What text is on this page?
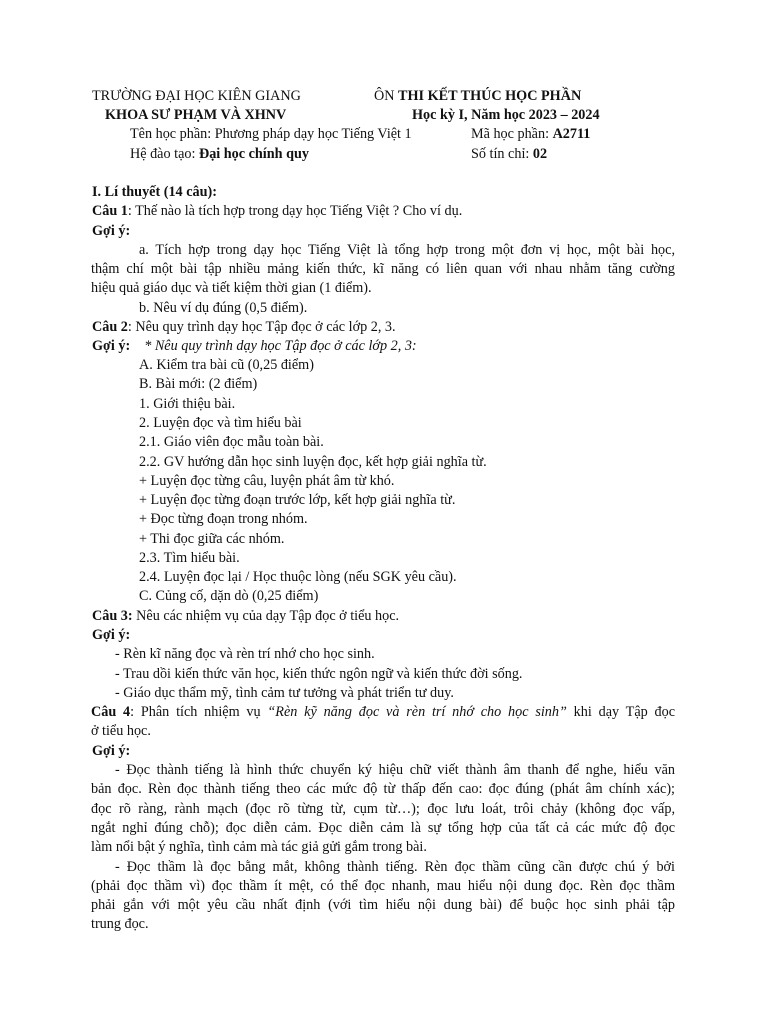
TRƯỜNG ĐẠI HỌC KIÊN GIANG	ÔN THI KẾT THÚC HỌC PHẦN
KHOA SƯ PHẠM VÀ XHNV	Học kỳ I, Năm học 2023 – 2024
Tên học phần: Phương pháp dạy học Tiếng Việt 1	Mã học phần: A2711
Hệ đào tạo: Đại học chính quy	Số tín chỉ: 02
I. Lí thuyết (14 câu):
Câu 1: Thế nào là tích hợp trong dạy học Tiếng Việt ? Cho ví dụ.
Gợi ý:
a. Tích hợp trong dạy học Tiếng Việt là tổng hợp trong một đơn vị học, một bài học,
thậm chí một bài tập nhiều mảng kiến thức, kĩ năng có liên quan với nhau nhằm tăng cường
hiệu quả giáo dục và tiết kiệm thời gian (1 điểm).
b. Nêu ví dụ đúng (0,5 điểm).
Câu 2: Nêu quy trình dạy học Tập đọc ở các lớp 2, 3.
Gợi ý: * Nêu quy trình dạy học Tập đọc ở các lớp 2, 3:
A. Kiểm tra bài cũ (0,25 điểm)
B. Bài mới: (2 điểm)
1. Giới thiệu bài.
2. Luyện đọc và tìm hiểu bài
2.1. Giáo viên đọc mẫu toàn bài.
2.2. GV hướng dẫn học sinh luyện đọc, kết hợp giải nghĩa từ.
+ Luyện đọc từng câu, luyện phát âm từ khó.
+ Luyện đọc từng đoạn trước lớp, kết hợp giải nghĩa từ.
+ Đọc từng đoạn trong nhóm.
+ Thi đọc giữa các nhóm.
2.3. Tìm hiểu bài.
2.4. Luyện đọc lại / Học thuộc lòng (nếu SGK yêu cầu).
C. Củng cố, dặn dò (0,25 điểm)
Câu 3: Nêu các nhiệm vụ của dạy Tập đọc ở tiểu học.
Gợi ý:
- Rèn kĩ năng đọc và rèn trí nhớ cho học sinh.
- Trau dồi kiến thức văn học, kiến thức ngôn ngữ và kiến thức đời sống.
- Giáo dục thẩm mỹ, tình cảm tư tưởng và phát triển tư duy.
Câu 4: Phân tích nhiệm vụ “Rèn kỹ năng đọc và rèn trí nhớ cho học sinh” khi dạy Tập đọc
ở tiểu học.
Gợi ý:
- Đọc thành tiếng là hình thức chuyển ký hiệu chữ viết thành âm thanh để nghe, hiểu văn
bản đọc. Rèn đọc thành tiếng theo các mức độ từ thấp đến cao: đọc đúng (phát âm chính xác);
đọc rõ ràng, rành mạch (đọc rõ từng từ, cụm từ…); đọc lưu loát, trôi chảy (không đọc vấp,
ngắt nghỉ đúng chỗ); đọc diễn cảm. Đọc diễn cảm là sự tổng hợp của tất cả các mức độ đọc
làm nổi bật ý nghĩa, tình cảm mà tác giả gửi gắm trong bài.
- Đọc thầm là đọc bằng mắt, không thành tiếng. Rèn đọc thầm cũng cần được chú ý bởi
(phải đọc thầm vì) đọc thầm ít mệt, có thể đọc nhanh, mau hiểu nội dung đọc. Rèn đọc thầm
phải gắn với một yêu cầu nhất định (với tìm hiểu nội dung bài) để buộc học sinh phải tập
trung đọc.
